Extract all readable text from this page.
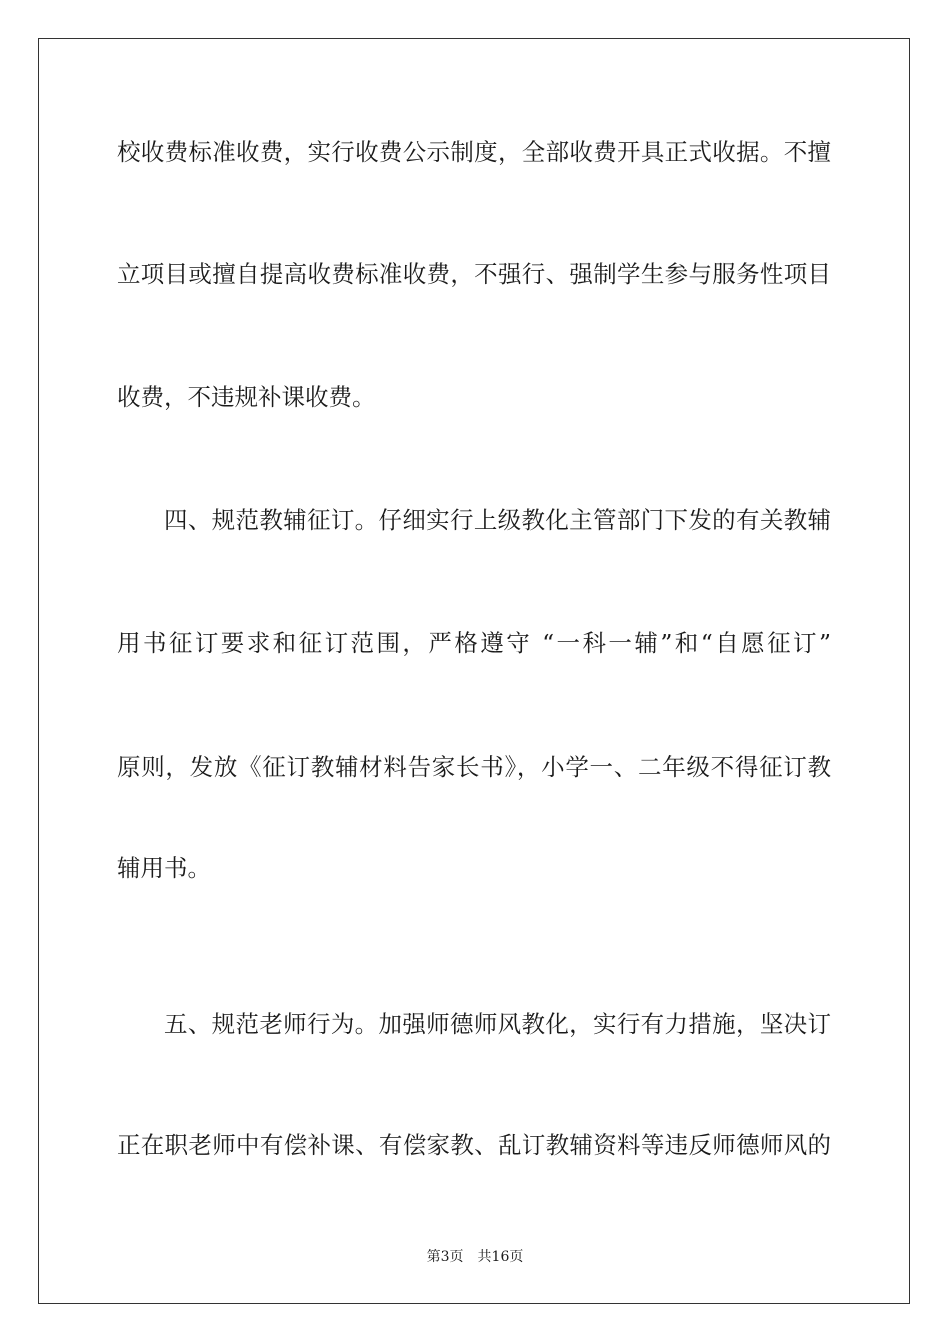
校收费标准收费，实行收费公示制度，全部收费开具正式收据。不擅
立项目或擅自提高收费标准收费，不强行、强制学生参与服务性项目
收费，不违规补课收费。
四、规范教辅征订。仔细实行上级教化主管部门下发的有关教辅
用书征订要求和征订范围，严格遵守 “一科一辅”和“自愿征订”
原则，发放《征订教辅材料告家长书》，小学一、二年级不得征订教
辅用书。
五、规范老师行为。加强师德师风教化，实行有力措施，坚决订
正在职老师中有偿补课、有偿家教、乱订教辅资料等违反师德师风的
第3页 共16页
